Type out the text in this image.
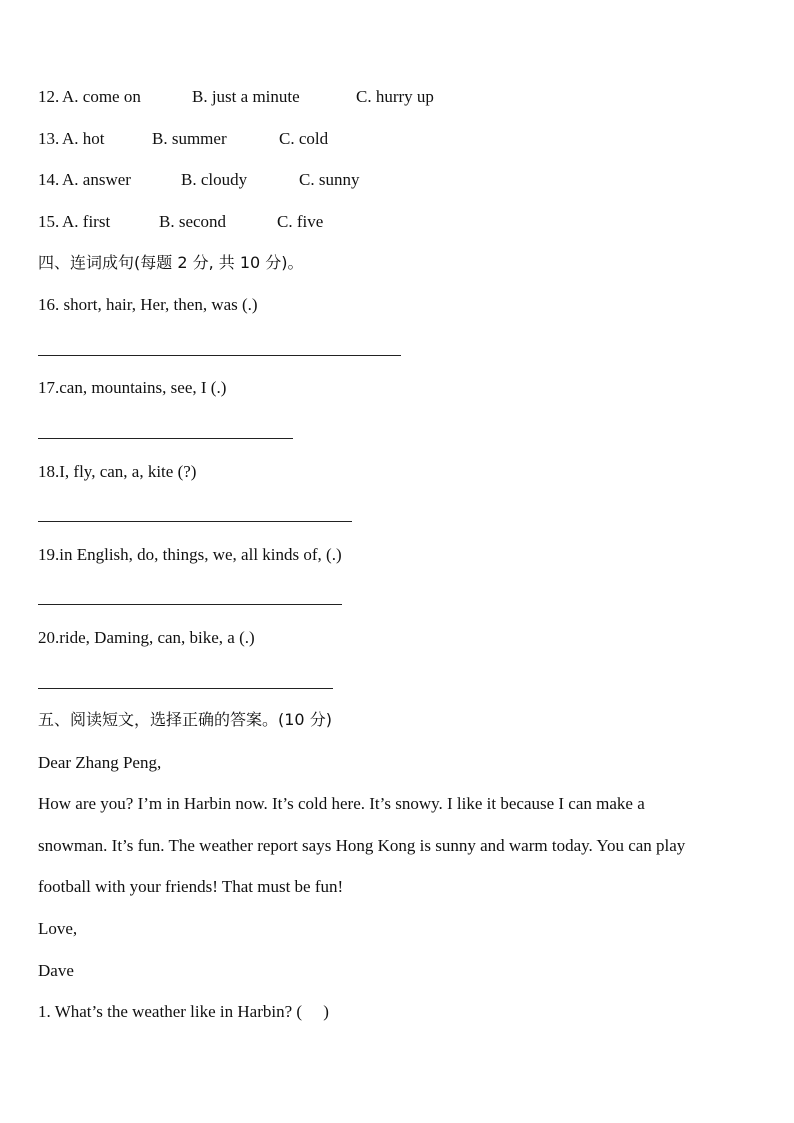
12. A. come on	B. just a minute	C. hurry up
13. A. hot	B. summer	C. cold
14. A. answer	B. cloudy	C. sunny
15. A. first	B. second	C. five
四、连词成句(每题 2 分, 共 10 分)。
16. short, hair, Her, then, was (.)
17.can, mountains, see, I (.)
18.I, fly, can, a, kite (?)
19.in English, do, things, we, all kinds of, (.)
20.ride, Daming, can, bike, a (.)
五、阅读短文，选择正确的答案。(10 分)
Dear Zhang Peng,
How are you? I’m in Harbin now. It’s cold here. It’s snowy. I like it because I can make a
snowman. It’s fun. The weather report says Hong Kong is sunny and warm today. You can play
football with your friends! That must be fun!
Love,
Dave
1. What’s the weather like in Harbin? (　 )
